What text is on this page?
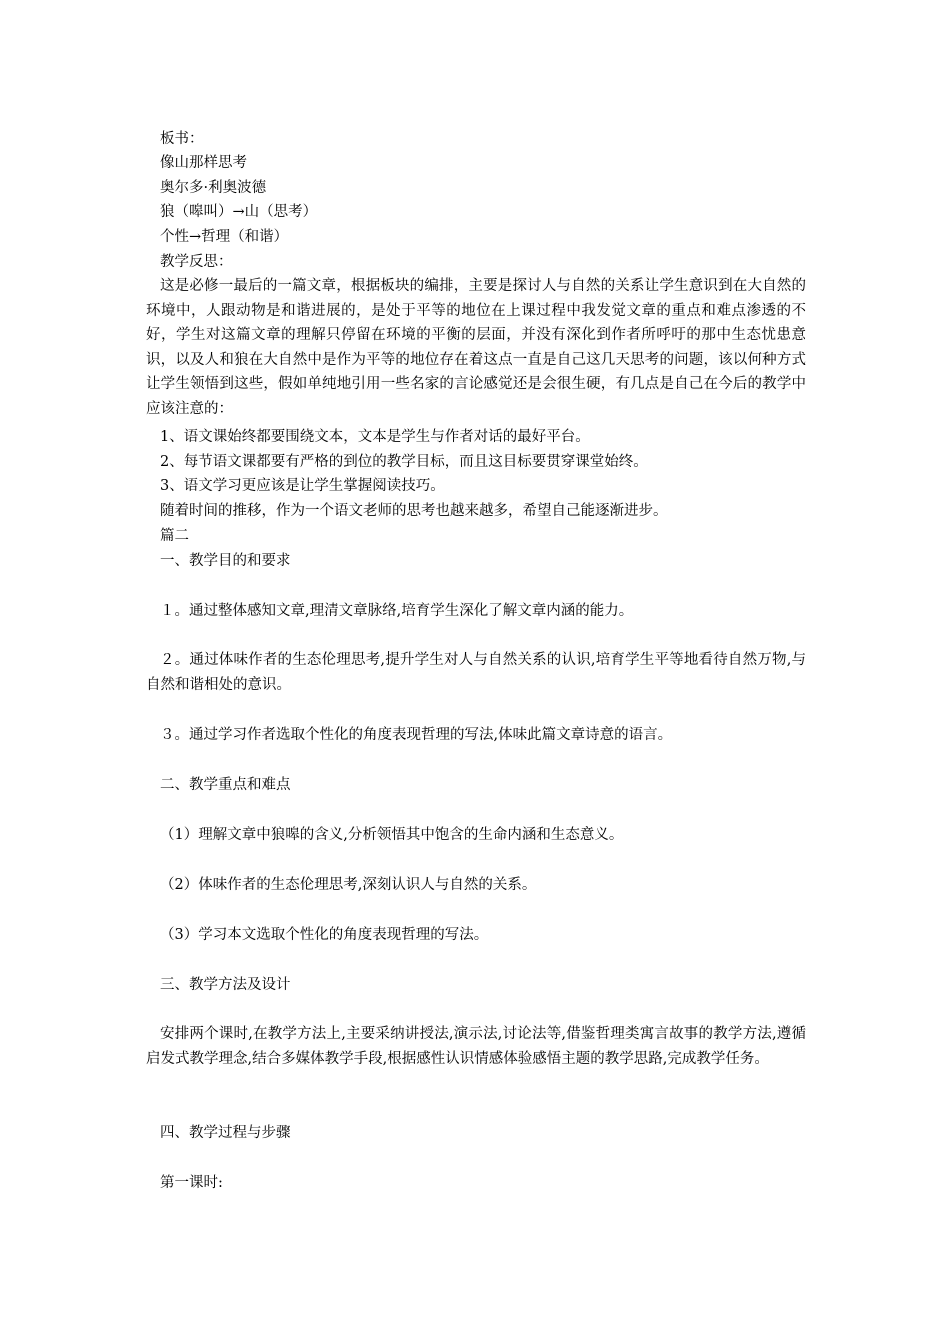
板书：
像山那样思考
奥尔多·利奥波德
狼（嗥叫）→山（思考）
个性→哲理（和谐）
教学反思：

这是必修一最后的一篇文章，根据板块的编排，主要是探讨人与自然的关系让学生意识到在大自然的环境中，人跟动物是和谐进展的，是处于平等的地位在上课过程中我发觉文章的重点和难点渗透的不好，学生对这篇文章的理解只停留在环境的平衡的层面，并没有深化到作者所呼吁的那中生态忧患意识，以及人和狼在大自然中是作为平等的地位存在着这点一直是自己这几天思考的问题，该以何种方式让学生领悟到这些，假如单纯地引用一些名家的言论感觉还是会很生硬，有几点是自己在今后的教学中应该注意的：

1、语文课始终都要围绕文本，文本是学生与作者对话的最好平台。
2、每节语文课都要有严格的到位的教学目标，而且这目标要贯穿课堂始终。
3、语文学习更应该是让学生掌握阅读技巧。
随着时间的推移，作为一个语文老师的思考也越来越多，希望自己能逐渐进步。
篇二
一、教学目的和要求
１。通过整体感知文章,理清文章脉络,培育学生深化了解文章内涵的能力。

２。通过体味作者的生态伦理思考,提升学生对人与自然关系的认识,培育学生平等地看待自然万物,与自然和谐相处的意识。

３。通过学习作者选取个性化的角度表现哲理的写法,体味此篇文章诗意的语言。
二、教学重点和难点
（1）理解文章中狼嗥的含义,分析领悟其中饱含的生命内涵和生态意义。
（2）体味作者的生态伦理思考,深刻认识人与自然的关系。
（3）学习本文选取个性化的角度表现哲理的写法。
三、教学方法及设计

安排两个课时,在教学方法上,主要采纳讲授法,演示法,讨论法等,借鉴哲理类寓言故事的教学方法,遵循启发式教学理念,结合多媒体教学手段,根据感性认识情感体验感悟主题的教学思路,完成教学任务。

四、教学过程与步骤
第一课时:
